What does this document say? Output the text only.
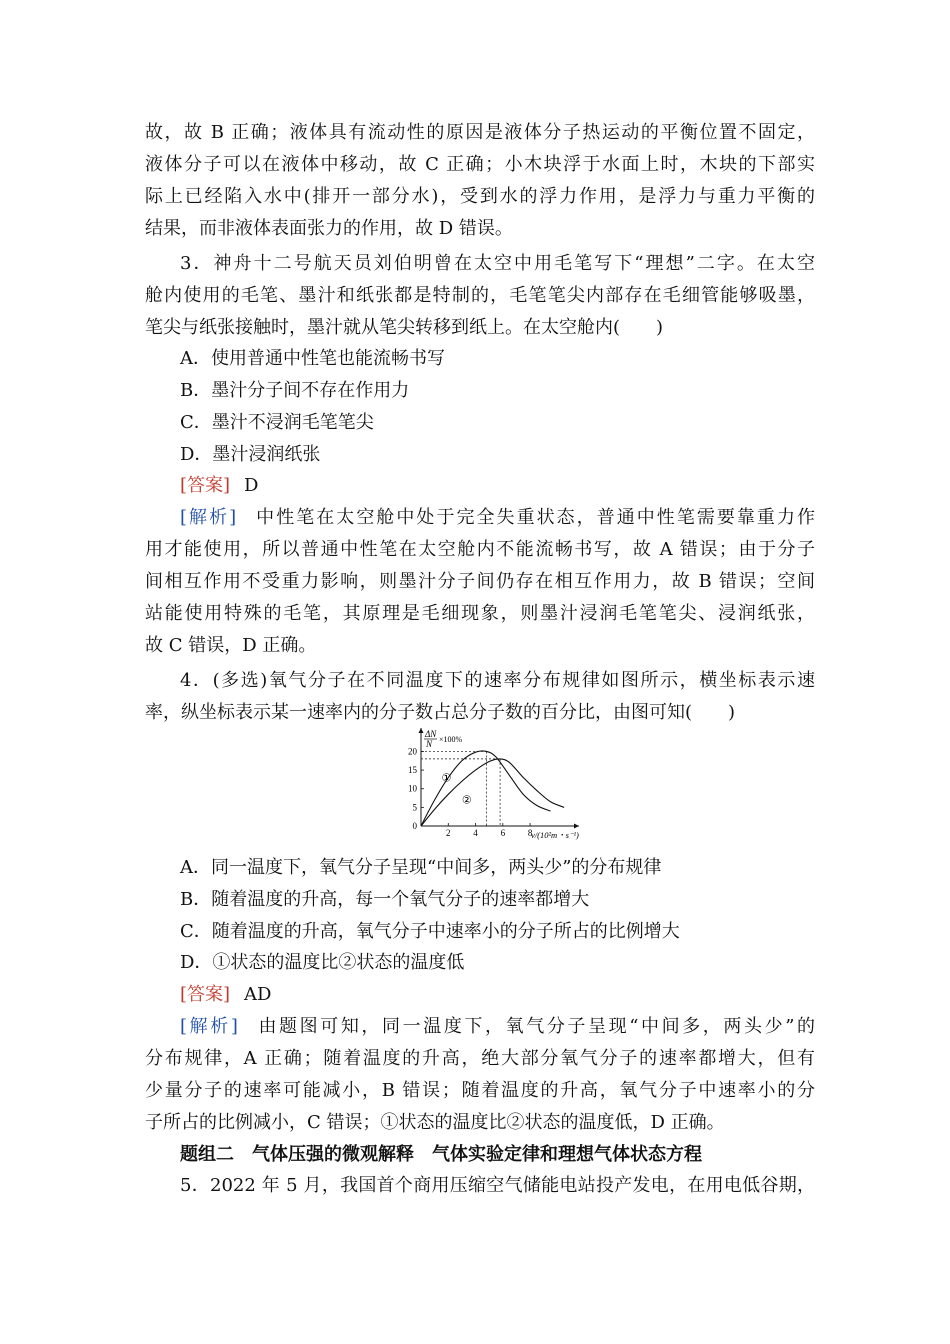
故，故 B 正确；液体具有流动性的原因是液体分子热运动的平衡位置不固定，
液体分子可以在液体中移动，故 C 正确；小木块浮于水面上时，木块的下部实
际上已经陷入水中(排开一部分水)，受到水的浮力作用，是浮力与重力平衡的
结果，而非液体表面张力的作用，故 D 错误。
3．神舟十二号航天员刘伯明曾在太空中用毛笔写下“理想”二字。在太空
舱内使用的毛笔、墨汁和纸张都是特制的，毛笔笔尖内部存在毛细管能够吸墨，
笔尖与纸张接触时，墨汁就从笔尖转移到纸上。在太空舱内(　　)
A．使用普通中性笔也能流畅书写
B．墨汁分子间不存在作用力
C．墨汁不浸润毛笔笔尖
D．墨汁浸润纸张
[答案] D
[解析] 中性笔在太空舱中处于完全失重状态，普通中性笔需要靠重力作
用才能使用，所以普通中性笔在太空舱内不能流畅书写，故 A 错误；由于分子
间相互作用不受重力影响，则墨汁分子间仍存在相互作用力，故 B 错误；空间
站能使用特殊的毛笔，其原理是毛细现象，则墨汁浸润毛笔笔尖、浸润纸张，
故 C 错误，D 正确。
4．(多选)氧气分子在不同温度下的速率分布规律如图所示，横坐标表示速
率，纵坐标表示某一速率内的分子数占总分子数的百分比，由图可知(　　)
ΔN
N ×100%
0
5
10
15
20
2	4	6	8
v/(10²m・s⁻¹)
①
②
A．同一温度下，氧气分子呈现“中间多，两头少”的分布规律
B．随着温度的升高，每一个氧气分子的速率都增大
C．随着温度的升高，氧气分子中速率小的分子所占的比例增大
D．①状态的温度比②状态的温度低
[答案] AD
[解析] 由题图可知，同一温度下，氧气分子呈现“中间多，两头少”的
分布规律，A 正确；随着温度的升高，绝大部分氧气分子的速率都增大，但有
少量分子的速率可能减小，B 错误；随着温度的升高，氧气分子中速率小的分
子所占的比例减小，C 错误；①状态的温度比②状态的温度低，D 正确。
题组二　气体压强的微观解释　气体实验定律和理想气体状态方程
5．2022 年 5 月，我国首个商用压缩空气储能电站投产发电，在用电低谷期，
